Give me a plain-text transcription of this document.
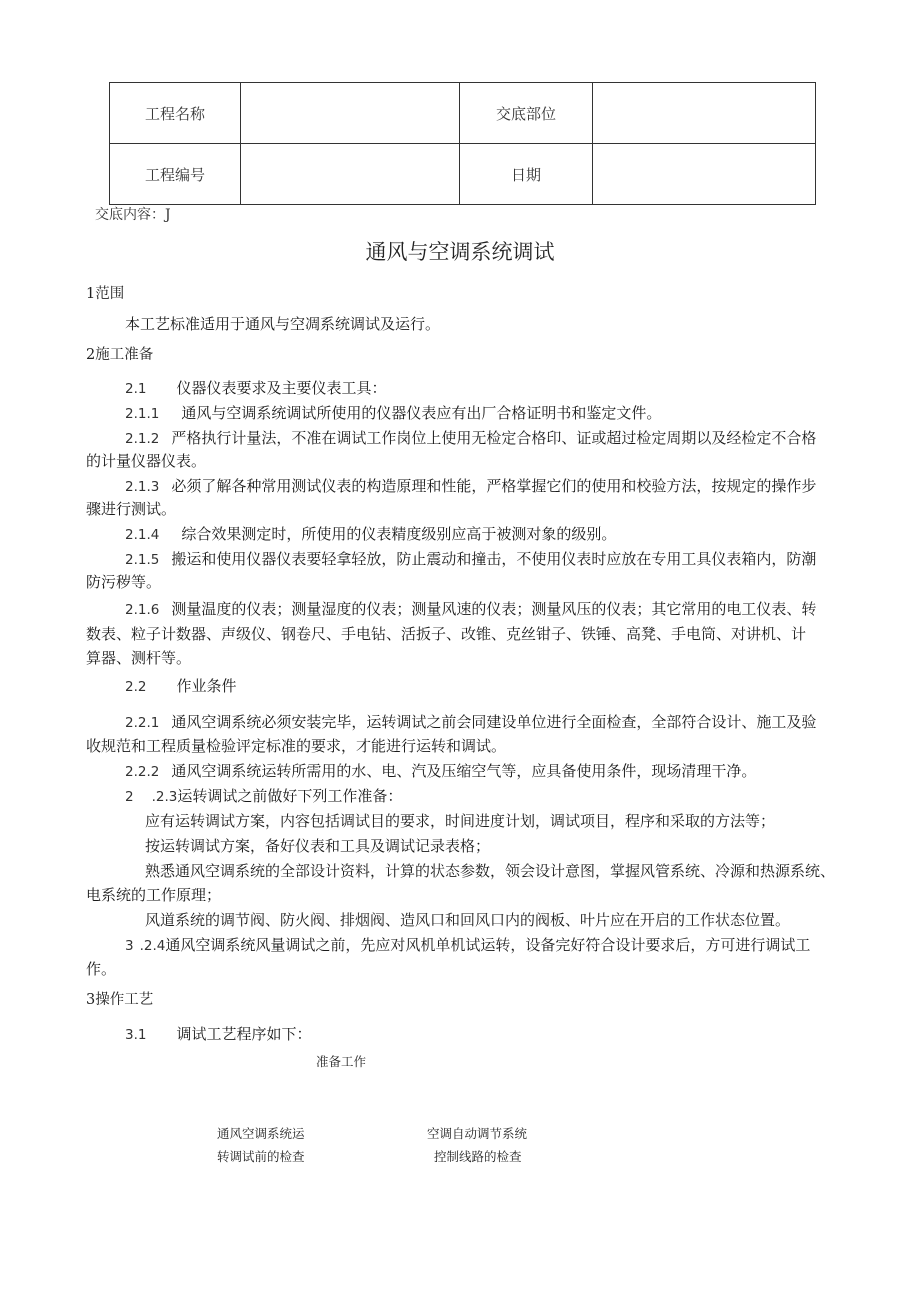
工程名称		交底部位	
工程编号		日期	
交底内容：J
通风与空调系统调试
1范围
本工艺标准适用于通风与空凋系统调试及运行。
2施工准备
2.1 仪器仪表要求及主要仪表工具：
2.1.1 通风与空调系统调试所使用的仪器仪表应有出厂合格证明书和鉴定文件。
2.1.2 严格执行计量法，不准在调试工作岗位上使用无检定合格印、证或超过检定周期以及经检定不合格
的计量仪器仪表。
2.1.3 必须了解各种常用测试仪表的构造原理和性能，严格掌握它们的使用和校验方法，按规定的操作步
骤进行测试。
2.1.4 综合效果测定时，所使用的仪表精度级别应高于被测对象的级别。
2.1.5 搬运和使用仪器仪表要轻拿轻放，防止震动和撞击，不使用仪表时应放在专用工具仪表箱内，防潮
防污秽等。
2.1.6 测量温度的仪表；测量湿度的仪表；测量风速的仪表；测量风压的仪表；其它常用的电工仪表、转
数表、粒子计数器、声级仪、钢卷尺、手电钻、活扳子、改锥、克丝钳子、铁锤、高凳、手电筒、对讲机、计
算器、测杆等。
2.2 作业条件
2.2.1 通风空调系统必须安装完毕，运转调试之前会同建设单位进行全面检查，全部符合设计、施工及验
收规范和工程质量检验评定标准的要求，才能进行运转和调试。
2.2.2 通风空调系统运转所需用的水、电、汽及压缩空气等，应具备使用条件，现场清理干净。
2 .2.3运转调试之前做好下列工作准备：
应有运转调试方案，内容包括调试目的要求，时间进度计划，调试项目，程序和采取的方法等；
按运转调试方案，备好仪表和工具及调试记录表格；
熟悉通风空调系统的全部设计资料，计算的状态参数，领会设计意图，掌握风管系统、冷源和热源系统、
电系统的工作原理；
风道系统的调节阀、防火阀、排烟阀、造风口和回风口内的阀板、叶片应在开启的工作状态位置。
3 .2.4通风空调系统风量调试之前，先应对风机单机试运转，设备完好符合设计要求后，方可进行调试工
作。
3操作工艺
3.1 调试工艺程序如下：
准备工作
通风空调系统运
转调试前的检查
空调自动调节系统
控制线路的检查
